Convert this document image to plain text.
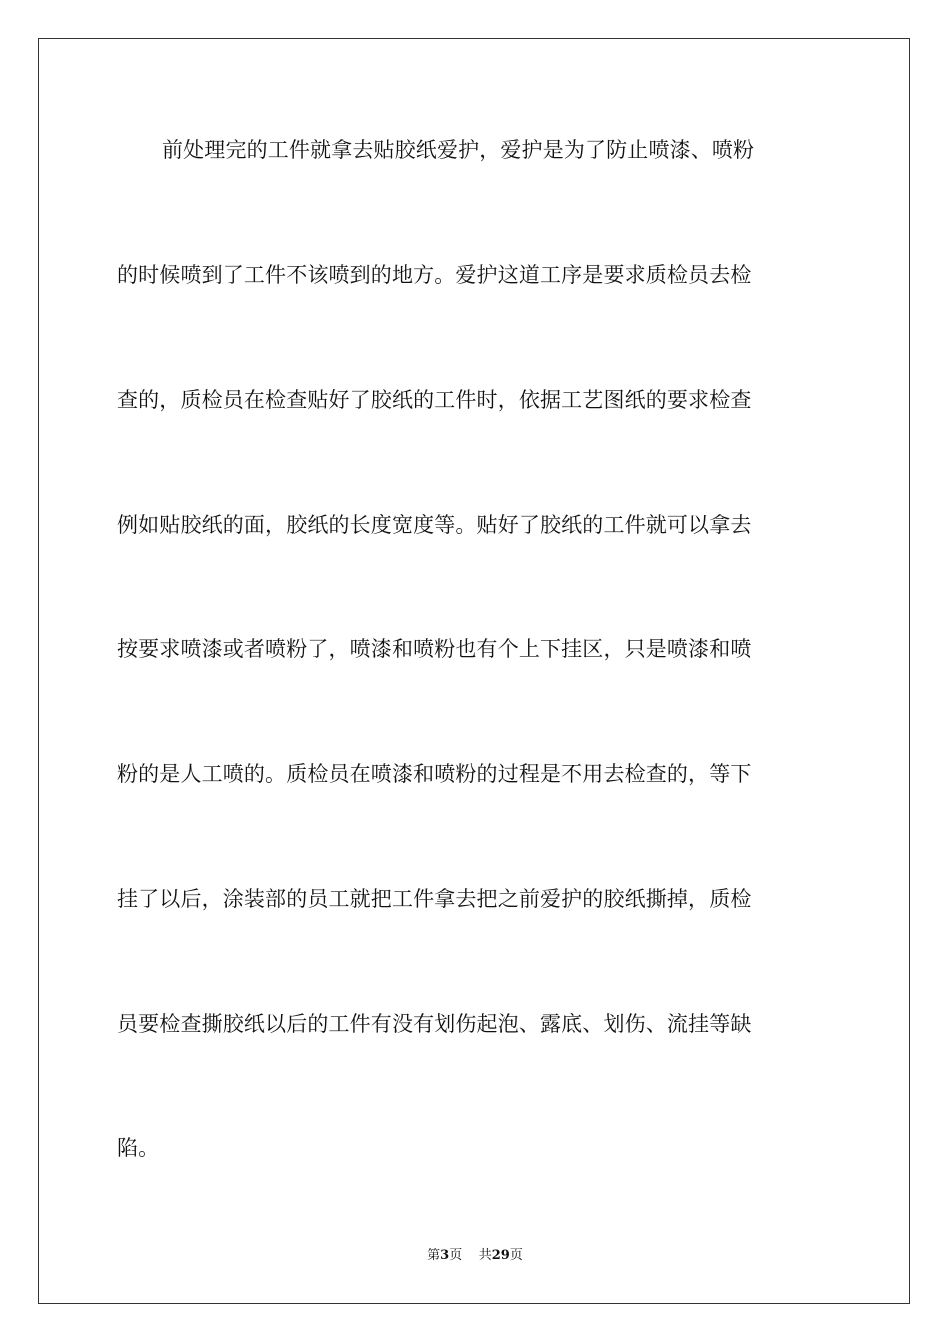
前处理完的工件就拿去贴胶纸爱护，爱护是为了防止喷漆、喷粉
的时候喷到了工件不该喷到的地方。爱护这道工序是要求质检员去检
查的，质检员在检查贴好了胶纸的工件时，依据工艺图纸的要求检查
例如贴胶纸的面，胶纸的长度宽度等。贴好了胶纸的工件就可以拿去
按要求喷漆或者喷粉了，喷漆和喷粉也有个上下挂区，只是喷漆和喷
粉的是人工喷的。质检员在喷漆和喷粉的过程是不用去检查的，等下
挂了以后，涂装部的员工就把工件拿去把之前爱护的胶纸撕掉，质检
员要检查撕胶纸以后的工件有没有划伤起泡、露底、划伤、流挂等缺
陷。
第3页 共29页
